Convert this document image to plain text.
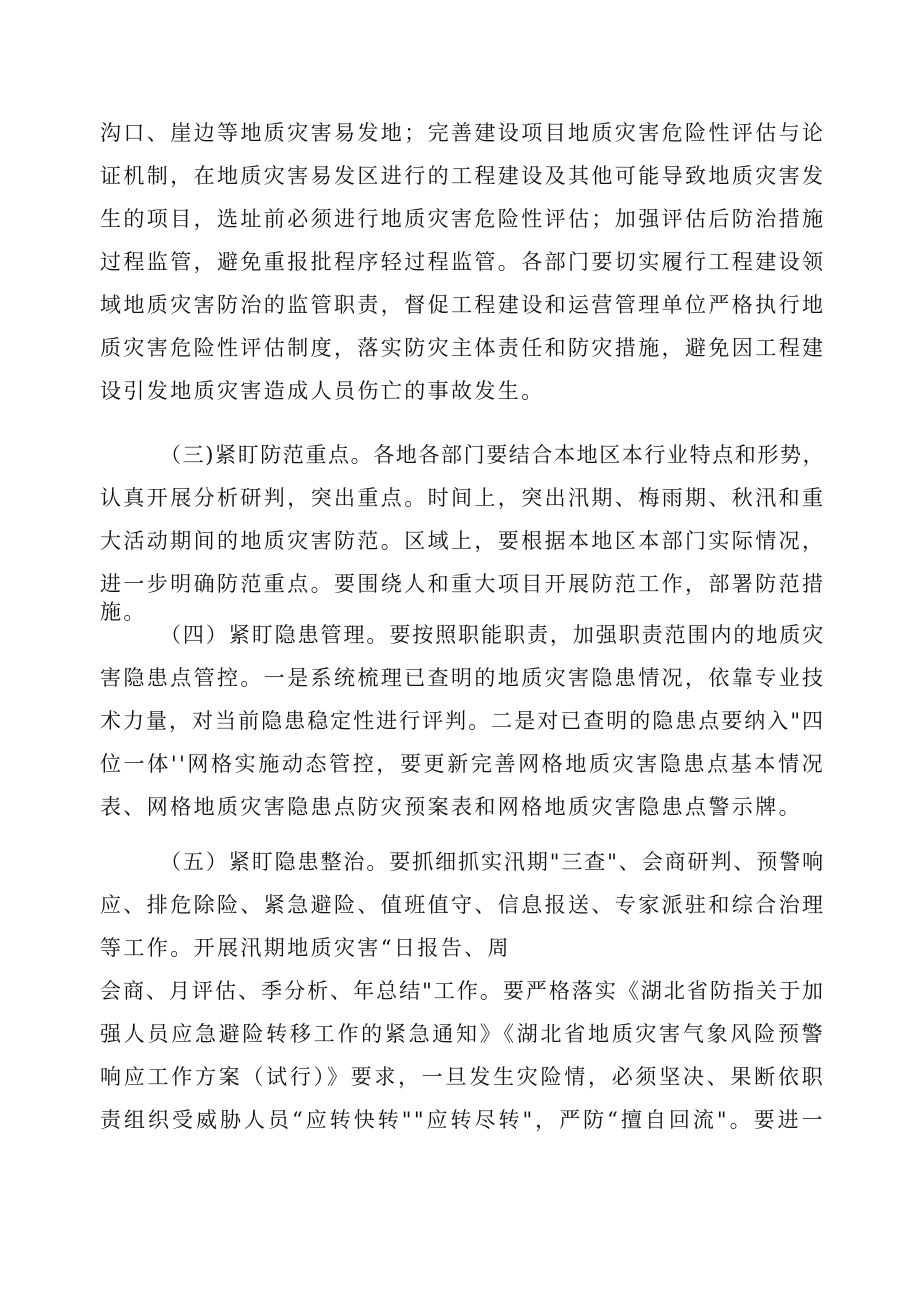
沟口、崖边等地质灾害易发地；完善建设项目地质灾害危险性评估与论
证机制，在地质灾害易发区进行的工程建设及其他可能导致地质灾害发
生的项目，选址前必须进行地质灾害危险性评估；加强评估后防治措施
过程监管，避免重报批程序轻过程监管。各部门要切实履行工程建设领
域地质灾害防治的监管职责，督促工程建设和运营管理单位严格执行地
质灾害危险性评估制度，落实防灾主体责任和防灾措施，避免因工程建
设引发地质灾害造成人员伤亡的事故发生。
（三)紧盯防范重点。各地各部门要结合本地区本行业特点和形势，
认真开展分析研判，突出重点。时间上，突出汛期、梅雨期、秋汛和重
大活动期间的地质灾害防范。区域上，要根据本地区本部门实际情况，
进一步明确防范重点。要围绕人和重大项目开展防范工作，部署防范措
施。
（四）紧盯隐患管理。要按照职能职责，加强职责范围内的地质灾
害隐患点管控。一是系统梳理已查明的地质灾害隐患情况，依靠专业技
术力量，对当前隐患稳定性进行评判。二是对已查明的隐患点要纳入"四
位一体''网格实施动态管控，要更新完善网格地质灾害隐患点基本情况
表、网格地质灾害隐患点防灾预案表和网格地质灾害隐患点警示牌。
（五）紧盯隐患整治。要抓细抓实汛期"三查"、会商研判、预警响
应、排危除险、紧急避险、值班值守、信息报送、专家派驻和综合治理
等工作。开展汛期地质灾害“日报告、周
会商、月评估、季分析、年总结"工作。要严格落实《湖北省防指关于加
强人员应急避险转移工作的紧急通知》《湖北省地质灾害气象风险预警
响应工作方案（试行）》要求，一旦发生灾险情，必须坚决、果断依职
责组织受威胁人员“应转快转""应转尽转"，严防“擅自回流"。要进一
